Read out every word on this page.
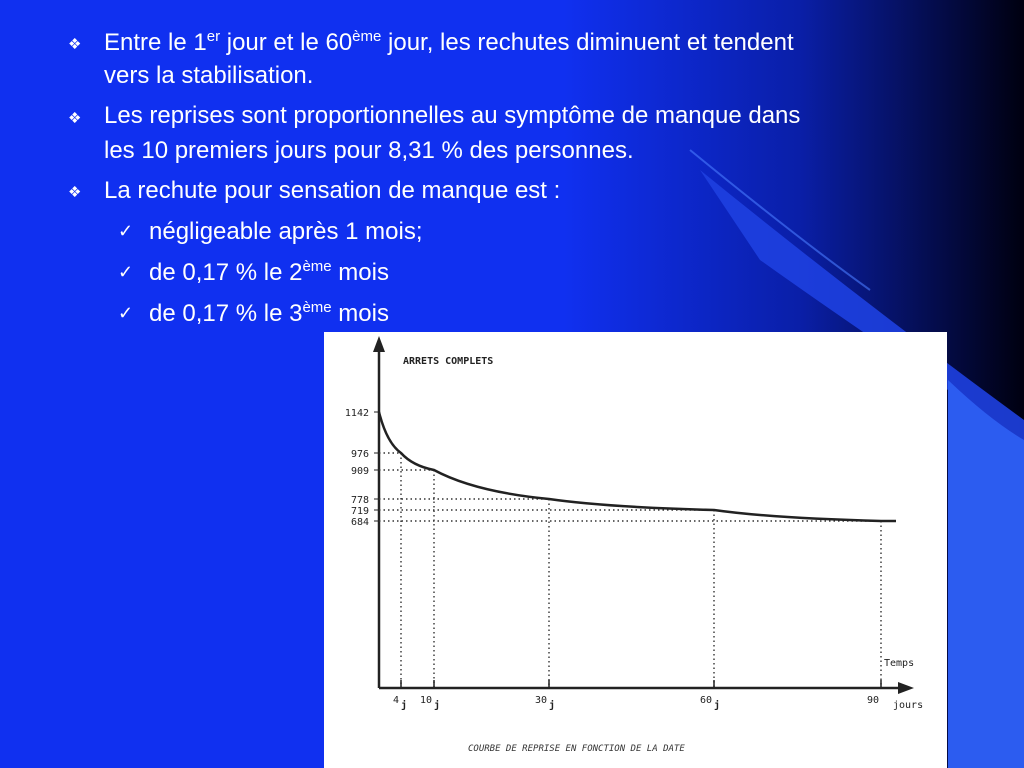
❖ Entre le 1er jour et le 60ème jour, les rechutes diminuent et tendent
vers la stabilisation.
❖ Les reprises sont proportionnelles au symptôme de manque dans
les 10 premiers jours pour 8,31 % des personnes.
❖ La rechute pour sensation de manque est :
✓ négligeable après 1 mois;
✓ de 0,17 % le 2ème mois
✓ de 0,17 % le 3ème mois
ARRETS COMPLETS
Temps
jours
COURBE DE REPRISE EN FONCTION DE LA DATE
1142
976
909
778
719
684
4 j 10 j	30 j	60 j	90
